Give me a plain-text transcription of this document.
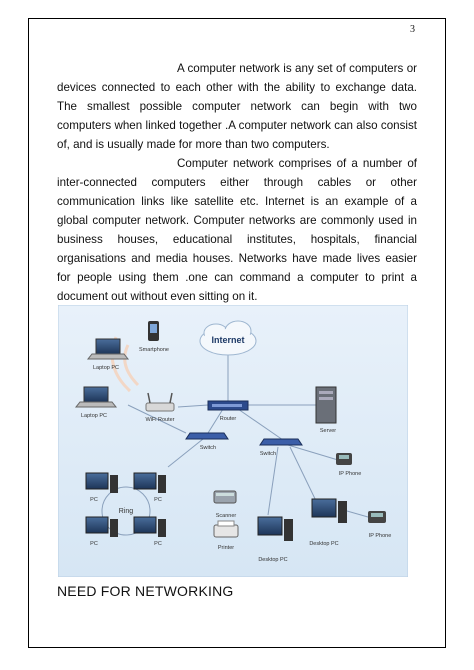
3

A computer network is any set of computers or devices connected to each other with the ability to exchange data. The smallest possible computer network can begin with two computers when linked together .A computer network can also consist of, and is usually made for more than two computers.

Computer network comprises of a number of inter-connected computers either through cables or other communication links like satellite etc. Internet is an example of a global computer network. Computer networks are commonly used in business houses, educational institutes, hospitals, financial organisations and media houses. Networks have made lives easier for people using them .one can command a computer to print a document out without even sitting on it.

Internet
Smartphone
Laptop PC
Laptop PC
WiFi Router	Router
Server
Switch
Switch
IP Phone
Ring
PC	PC
PC	PC
Scanner
Printer
Desktop PC
Desktop PC
IP Phone
NEED FOR NETWORKING
